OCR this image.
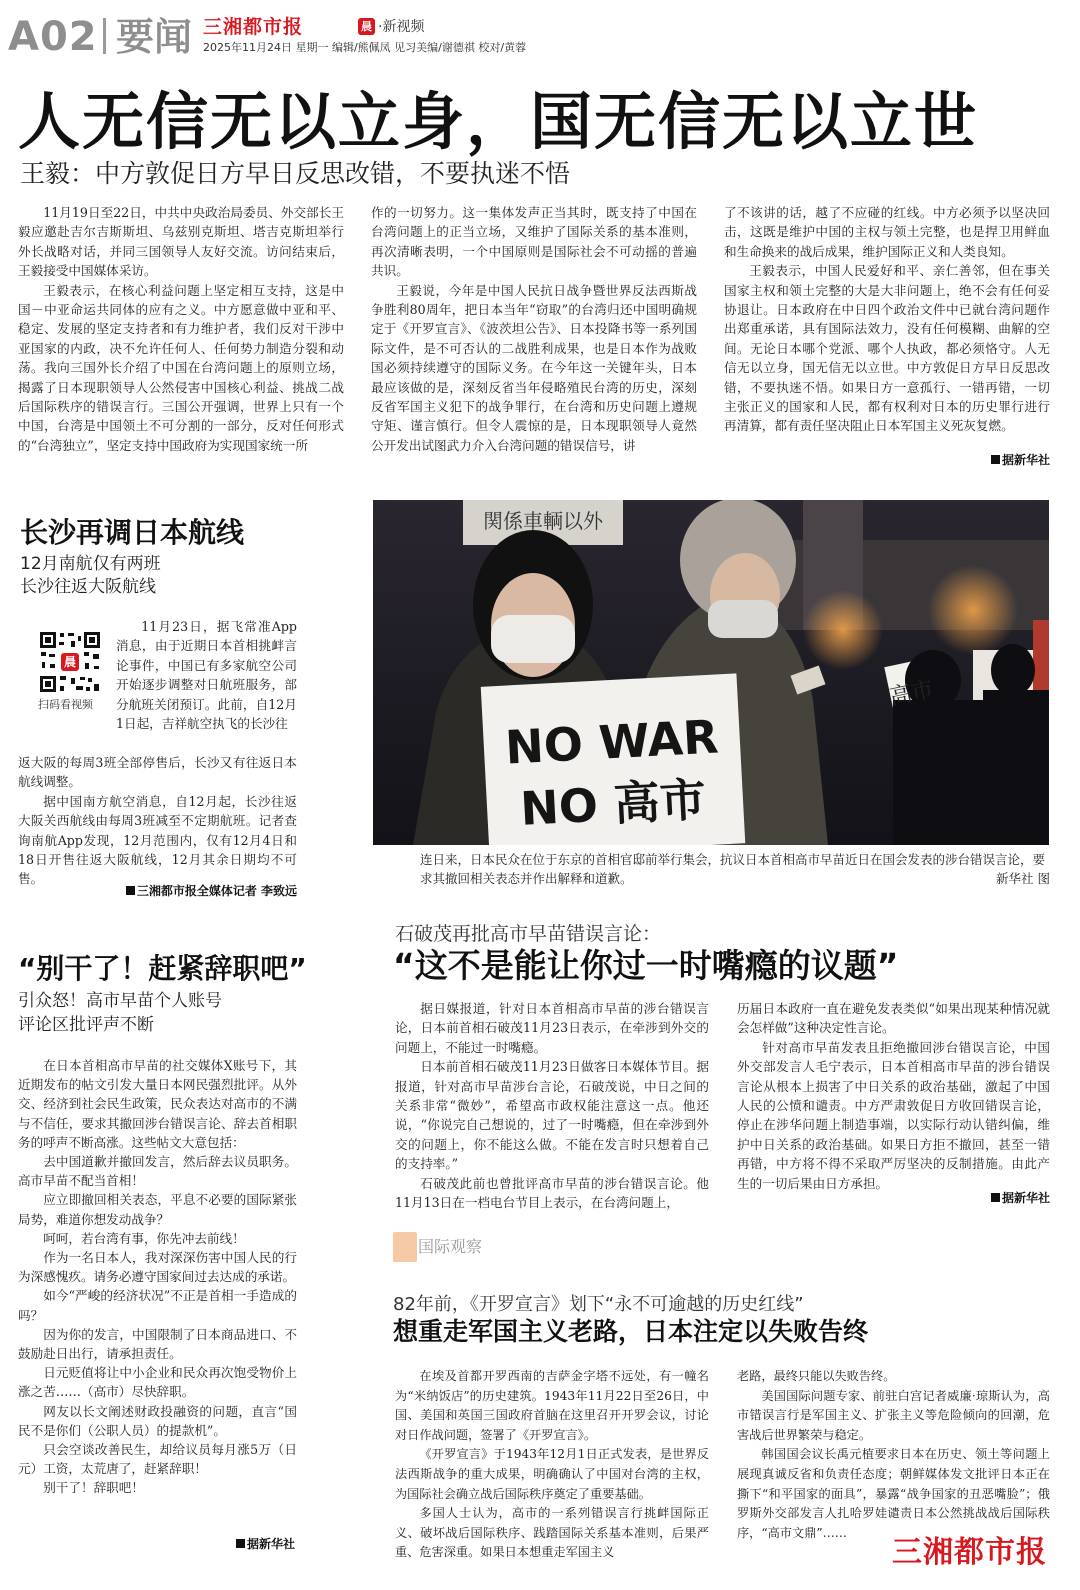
A02 要闻 三湘都市报	晨 ·新视频
2025年11月24日 星期一 编辑/熊佩凤 见习美编/谢德祺 校对/黄蓉
人无信无以立身，国无信无以立世
王毅：中方敦促日方早日反思改错，不要执迷不悟

11月19日至22日，中共中央政治局委员、外交部长王毅应邀赴吉尔吉斯斯坦、乌兹别克斯坦、塔吉克斯坦举行外长战略对话，并同三国领导人友好交流。访问结束后，王毅接受中国媒体采访。

王毅表示，在核心利益问题上坚定相互支持，这是中国－中亚命运共同体的应有之义。中方愿意做中亚和平、稳定、发展的坚定支持者和有力维护者，我们反对干涉中亚国家的内政，决不允许任何人、任何势力制造分裂和动荡。我向三国外长介绍了中国在台湾问题上的原则立场，揭露了日本现职领导人公然侵害中国核心利益、挑战二战后国际秩序的错误言行。三国公开强调，世界上只有一个中国，台湾是中国领土不可分割的一部分，反对任何形式的“台湾独立”，坚定支持中国政府为实现国家统一所

作的一切努力。这一集体发声正当其时，既支持了中国在台湾问题上的正当立场，又维护了国际关系的基本准则，再次清晰表明，一个中国原则是国际社会不可动摇的普遍共识。

王毅说，今年是中国人民抗日战争暨世界反法西斯战争胜利80周年，把日本当年“窃取”的台湾归还中国明确规定于《开罗宣言》、《波茨坦公告》、日本投降书等一系列国际文件，是不可否认的二战胜利成果，也是日本作为战败国必须持续遵守的国际义务。在今年这一关键年头，日本最应该做的是，深刻反省当年侵略殖民台湾的历史，深刻反省军国主义犯下的战争罪行，在台湾和历史问题上遵规守矩、谨言慎行。但令人震惊的是，日本现职领导人竟然公开发出试图武力介入台湾问题的错误信号，讲

了不该讲的话，越了不应碰的红线。中方必须予以坚决回击，这既是维护中国的主权与领土完整，也是捍卫用鲜血和生命换来的战后成果，维护国际正义和人类良知。

王毅表示，中国人民爱好和平、亲仁善邻，但在事关国家主权和领土完整的大是大非问题上，绝不会有任何妥协退让。日本政府在中日四个政治文件中已就台湾问题作出郑重承诺，具有国际法效力，没有任何模糊、曲解的空间。无论日本哪个党派、哪个人执政，都必须恪守。人无信无以立身，国无信无以立世。中方敦促日方早日反思改错，不要执迷不悟。如果日方一意孤行、一错再错，一切主张正义的国家和人民，都有权利对日本的历史罪行进行再清算，都有责任坚决阻止日本军国主义死灰复燃。

据新华社
长沙再调日本航线
12月南航仅有两班
长沙往返大阪航线
晨
扫码看视频

11月23日，据飞常准App消息，由于近期日本首相挑衅言论事件，中国已有多家航空公司开始逐步调整对日航班服务，部分航班关闭预订。此前，自12月1日起，吉祥航空执飞的长沙往

返大阪的每周3班全部停售后，长沙又有往返日本航线调整。

据中国南方航空消息，自12月起，长沙往返大阪关西航线由每周3班减至不定期航班。记者查询南航App发现，12月范围内，仅有12月4日和18日开售往返大阪航线，12月其余日期均不可售。

三湘都市报全媒体记者 李致远
“别干了！赶紧辞职吧”
引众怒！高市早苗个人账号
评论区批评声不断

在日本首相高市早苗的社交媒体X账号下，其近期发布的帖文引发大量日本网民强烈批评。从外交、经济到社会民生政策，民众表达对高市的不满与不信任，要求其撤回涉台错误言论、辞去首相职务的呼声不断高涨。这些帖文大意包括：

去中国道歉并撤回发言，然后辞去议员职务。高市早苗不配当首相！

应立即撤回相关表态，平息不必要的国际紧张局势，难道你想发动战争？

呵呵，若台湾有事，你先冲去前线！

作为一名日本人，我对深深伤害中国人民的行为深感愧疚。请务必遵守国家间过去达成的承诺。

如今“严峻的经济状况”不正是首相一手造成的吗？

因为你的发言，中国限制了日本商品进口、不鼓励赴日出行，请承担责任。

日元贬值将让中小企业和民众再次饱受物价上涨之苦……（高市）尽快辞职。

网友以长文阐述财政投融资的问题，直言“国民不是你们（公职人员）的提款机”。

只会空谈改善民生，却给议员每月涨5万（日元）工资，太荒唐了，赶紧辞职！

别干了！辞职吧！

据新华社
NO WAR
NO 高市
関係車輌以外
高市
连日来，日本民众在位于东京的首相官邸前举行集会，抗议日本首相高市早苗近日在国会发表的涉台错误言论，要求其撤回相关表态并作出解释和道歉。	新华社 图
石破茂再批高市早苗错误言论：
“这不是能让你过一时嘴瘾的议题”

据日媒报道，针对日本首相高市早苗的涉台错误言论，日本前首相石破茂11月23日表示，在牵涉到外交的问题上，不能过一时嘴瘾。

日本前首相石破茂11月23日做客日本媒体节目。据报道，针对高市早苗涉台言论，石破茂说，中日之间的关系非常“微妙”，希望高市政权能注意这一点。他还说，“你说完自己想说的，过了一时嘴瘾，但在牵涉到外交的问题上，你不能这么做。不能在发言时只想着自己的支持率。”

石破茂此前也曾批评高市早苗的涉台错误言论。他11月13日在一档电台节目上表示，在台湾问题上，

历届日本政府一直在避免发表类似“如果出现某种情况就会怎样做”这种决定性言论。

针对高市早苗发表且拒绝撤回涉台错误言论，中国外交部发言人毛宁表示，日本首相高市早苗的涉台错误言论从根本上损害了中日关系的政治基础，激起了中国人民的公愤和谴责。中方严肃敦促日方收回错误言论，停止在涉华问题上制造事端，以实际行动认错纠偏，维护中日关系的政治基础。如果日方拒不撤回，甚至一错再错，中方将不得不采取严厉坚决的反制措施。由此产生的一切后果由日方承担。

据新华社
国际观察
82年前，《开罗宣言》划下“永不可逾越的历史红线”
想重走军国主义老路，日本注定以失败告终

在埃及首都开罗西南的吉萨金字塔不远处，有一幢名为“米纳饭店”的历史建筑。1943年11月22日至26日，中国、美国和英国三国政府首脑在这里召开开罗会议，讨论对日作战问题，签署了《开罗宣言》。

《开罗宣言》于1943年12月1日正式发表，是世界反法西斯战争的重大成果，明确确认了中国对台湾的主权，为国际社会确立战后国际秩序奠定了重要基础。

多国人士认为，高市的一系列错误言行挑衅国际正义、破坏战后国际秩序、践踏国际关系基本准则，后果严重、危害深重。如果日本想重走军国主义

老路，最终只能以失败告终。

美国国际问题专家、前驻白宫记者威廉·琼斯认为，高市错误言行是军国主义、扩张主义等危险倾向的回潮，危害战后世界繁荣与稳定。

韩国国会议长禹元植要求日本在历史、领土等问题上展现真诚反省和负责任态度；朝鲜媒体发文批评日本正在撕下“和平国家的面具”，暴露“战争国家的丑恶嘴脸”；俄罗斯外交部发言人扎哈罗娃谴责日本公然挑战战后国际秩序，“高市文鼎”……

三湘都市报
